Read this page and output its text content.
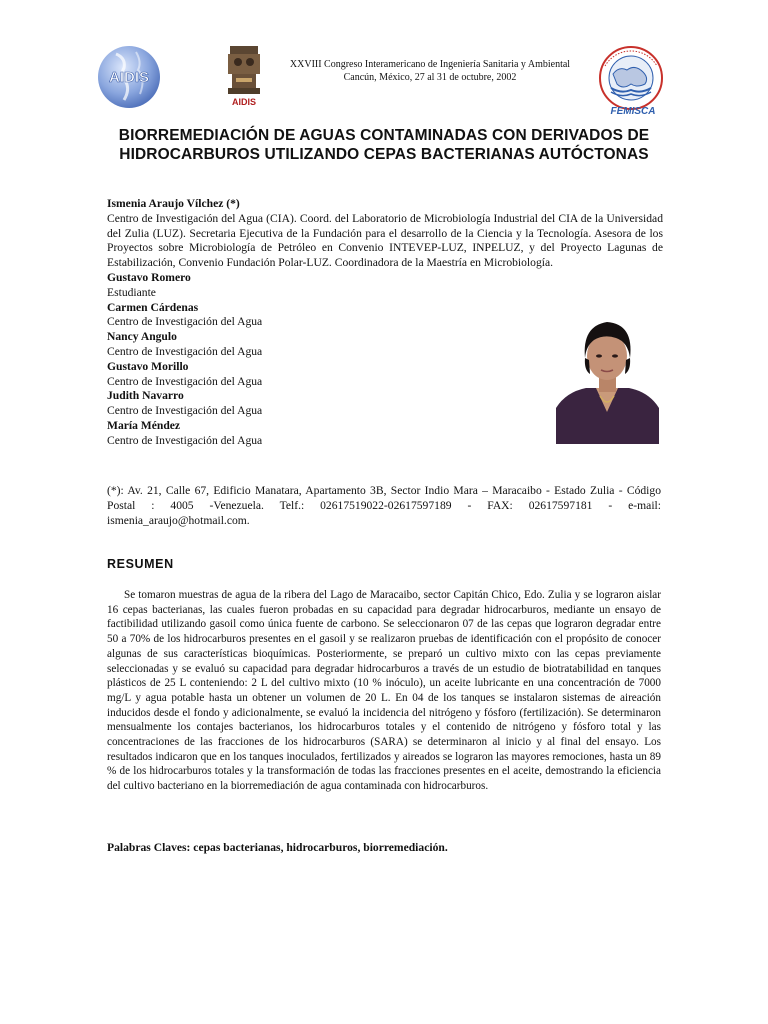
AIDIS
AIDIS
XXVIII Congreso Interamericano de Ingeniería Sanitaria y Ambiental
Cancún, México, 27 al 31 de octubre, 2002
FEMISCA
BIORREMEDIACIÓN DE AGUAS CONTAMINADAS CON DERIVADOS DE
HIDROCARBUROS UTILIZANDO CEPAS BACTERIANAS AUTÓCTONAS
Ismenia Araujo Vílchez (*)
Centro de Investigación del Agua (CIA). Coord. del Laboratorio de Microbiología Industrial del CIA de la Universidad del Zulia (LUZ). Secretaria Ejecutiva de la Fundación para el desarrollo de la Ciencia y la Tecnología. Asesora de los Proyectos sobre Microbiología de Petróleo en Convenio INTEVEP-LUZ, INPELUZ, y del Proyecto Lagunas de Estabilización, Convenio Fundación Polar-LUZ. Coordinadora de la Maestría en Microbiología.
Gustavo Romero
Estudiante
Carmen Cárdenas
Centro de Investigación del Agua
Nancy Angulo
Centro de Investigación del Agua
Gustavo Morillo
Centro de Investigación del Agua
Judith Navarro
Centro de Investigación del Agua
María Méndez
Centro de Investigación del Agua
(*): Av. 21, Calle 67, Edificio Manatara, Apartamento 3B, Sector Indio Mara – Maracaibo - Estado Zulia - Código Postal : 4005 -Venezuela. Telf.: 02617519022-02617597189 - FAX: 02617597181 - e-mail: ismenia_araujo@hotmail.com.
RESUMEN
Se tomaron muestras de agua de la ribera del Lago de Maracaibo, sector Capitán Chico, Edo. Zulia y se lograron aislar 16 cepas bacterianas, las cuales fueron probadas en su capacidad para degradar hidrocarburos, mediante un ensayo de factibilidad utilizando gasoil como única fuente de carbono. Se seleccionaron 07 de las cepas que lograron degradar entre 50 a 70% de los hidrocarburos presentes en el gasoil y se realizaron pruebas de identificación con el propósito de conocer algunas de sus características bioquímicas. Posteriormente, se preparó un cultivo mixto con las cepas previamente seleccionadas y se evaluó su capacidad para degradar hidrocarburos a través de un estudio de biotratabilidad en tanques plásticos de 25 L conteniendo: 2 L del cultivo mixto (10 % inóculo), un aceite lubricante en una concentración de 7000 mg/L y agua potable hasta un obtener un volumen de 20 L. En 04 de los tanques se instalaron sistemas de aireación inducidos desde el fondo y adicionalmente, se evaluó la incidencia del nitrógeno y fósforo (fertilización). Se determinaron mensualmente los contajes bacterianos, los hidrocarburos totales y el contenido de nitrógeno y fósforo total y las concentraciones de las fracciones de los hidrocarburos (SARA) se determinaron al inicio y al final del ensayo. Los resultados indicaron que en los tanques inoculados, fertilizados y aireados se lograron las mayores remociones, hasta un 89 % de los hidrocarburos totales y la transformación de todas las fracciones presentes en el aceite, demostrando la eficiencia del cultivo bacteriano en la biorremediación de agua contaminada con hidrocarburos.
Palabras Claves: cepas bacterianas, hidrocarburos, biorremediación.
